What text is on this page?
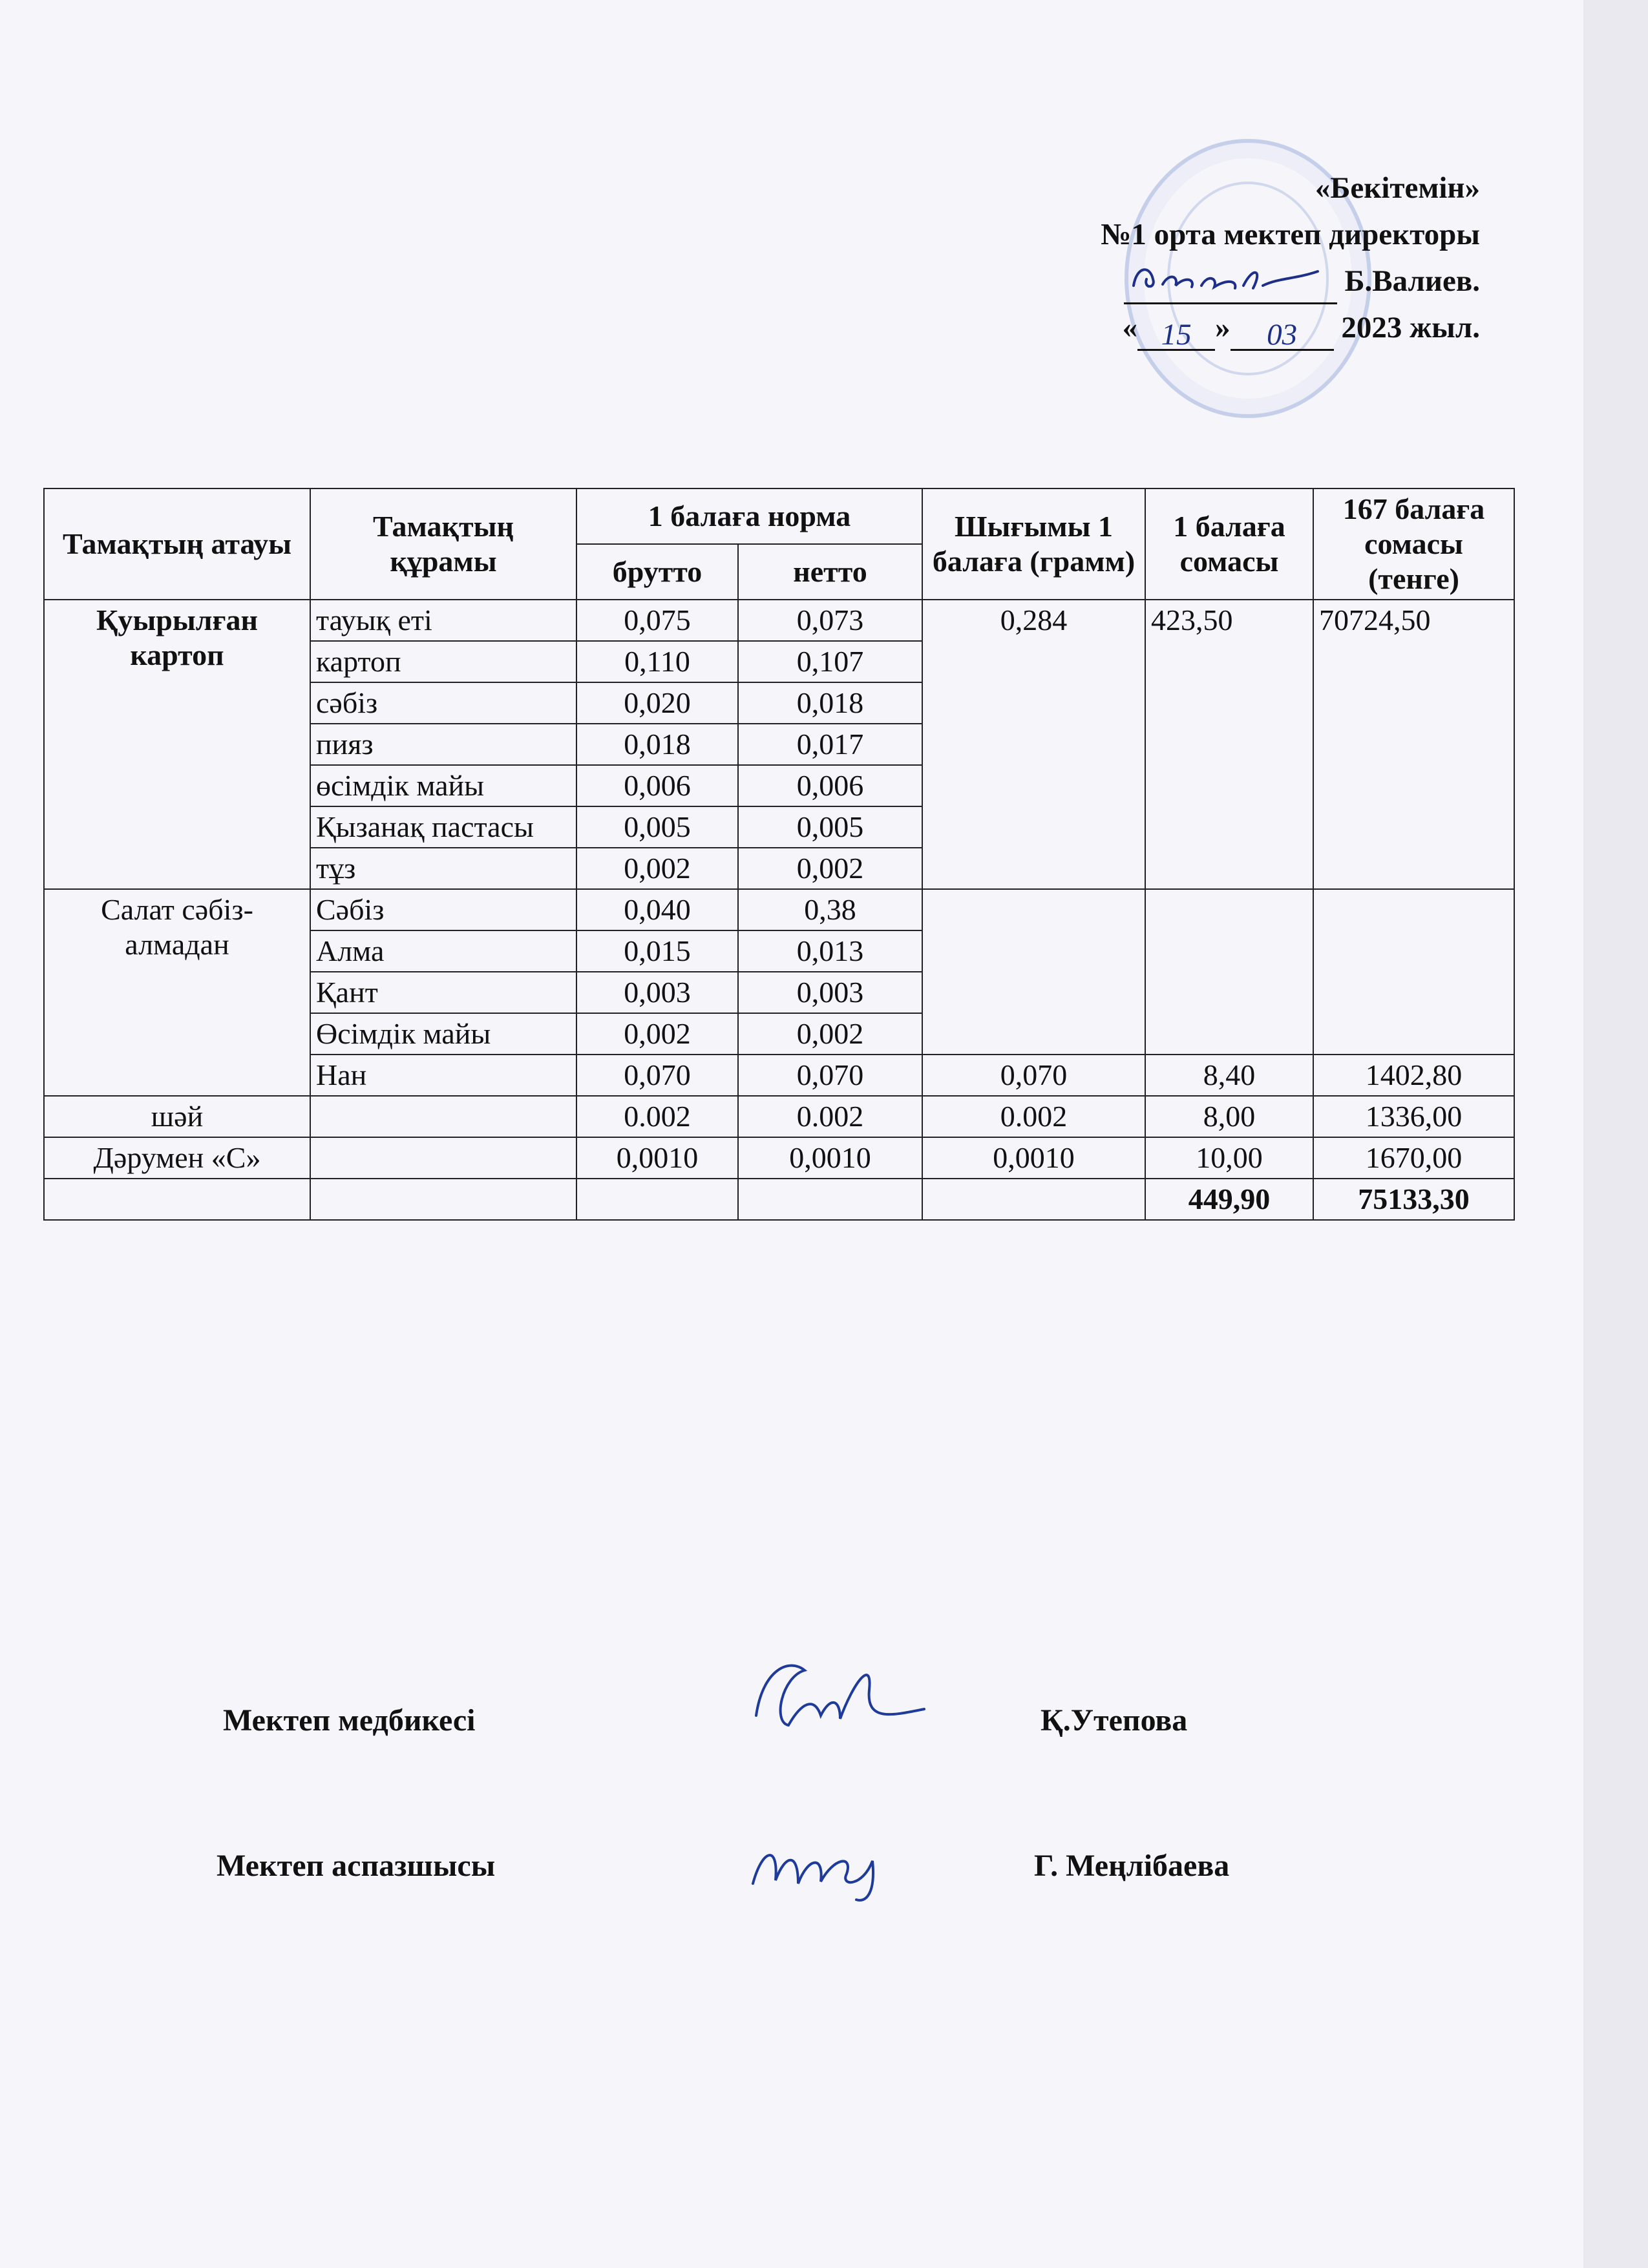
«Бекітемін»
№1 орта мектеп директоры
Б.Валиев.
« 15 » 03 2023 жыл.
Тамақтың атауы	Тамақтың құрамы	1 балаға норма		Шығымы 1 балаға (грамм)	1 балаға сомасы	167 балаға сомасы (тенге)
		брутто	нетто			
Қуырылған картоп	тауық еті	0,075	0,073	0,284	423,50	70724,50
	картоп	0,110	0,107			
	сәбіз	0,020	0,018			
	пияз	0,018	0,017			
	өсімдік майы	0,006	0,006			
	Қызанақ пастасы	0,005	0,005			
	тұз	0,002	0,002			
Салат сәбіз-алмадан	Сәбіз	0,040	0,38			
	Алма	0,015	0,013			
	Қант	0,003	0,003			
	Өсімдік майы	0,002	0,002			
	Нан	0,070	0,070	0,070	8,40	1402,80
шәй		0.002	0.002	0.002	8,00	1336,00
Дәрумен «С»		0,0010	0,0010	0,0010	10,00	1670,00
					449,90	75133,30
Мектеп медбикесі	Қ.Утепова
Мектеп аспазшысы	Г. Меңлібаева
